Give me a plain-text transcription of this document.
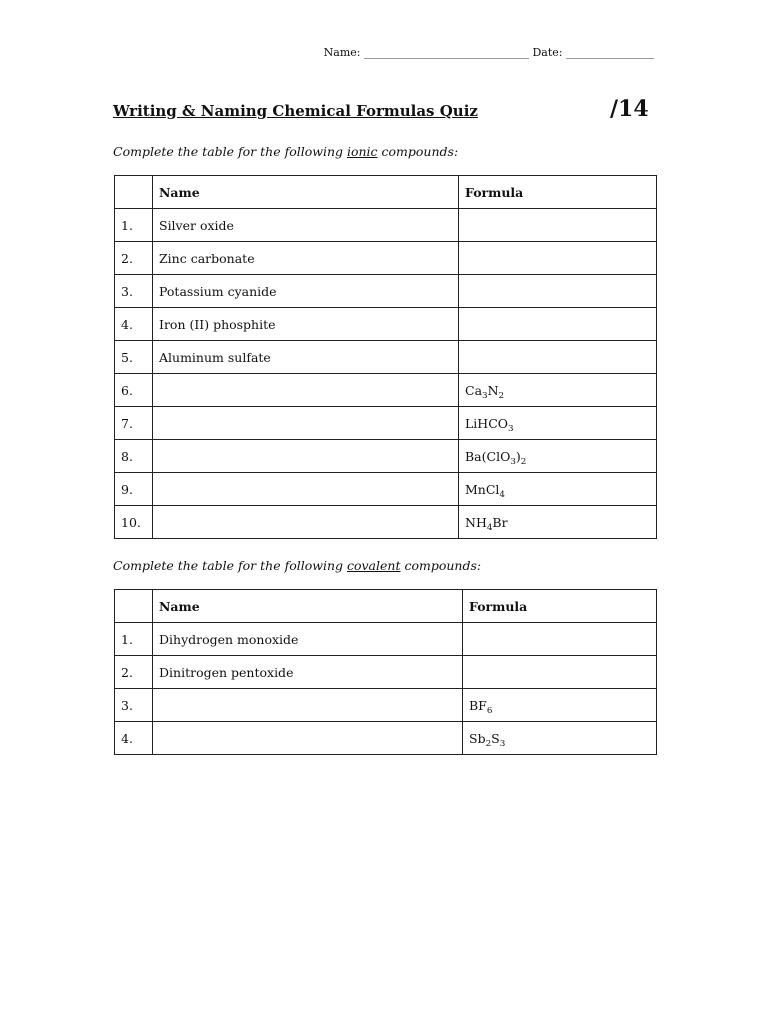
Name: ______________________________ Date: ________________
Writing & Naming Chemical Formulas Quiz	/14
Complete the table for the following ionic compounds:
	Name	Formula
1.	Silver oxide	
2.	Zinc carbonate	
3.	Potassium cyanide	
4.	Iron (II) phosphite	
5.	Aluminum sulfate	
6.		$Ca_3N_2$
7.		LiHCO$_3$
8.		$Ba(ClO_3)_2$
9.		MnCl$_4$
10.		$NH_4Br$
Complete the table for the following covalent compounds:
	Name	Formula
1.	Dihydrogen monoxide	
2.	Dinitrogen pentoxide	
3.		$BF_6$
4.		$Sb_2S_3$
